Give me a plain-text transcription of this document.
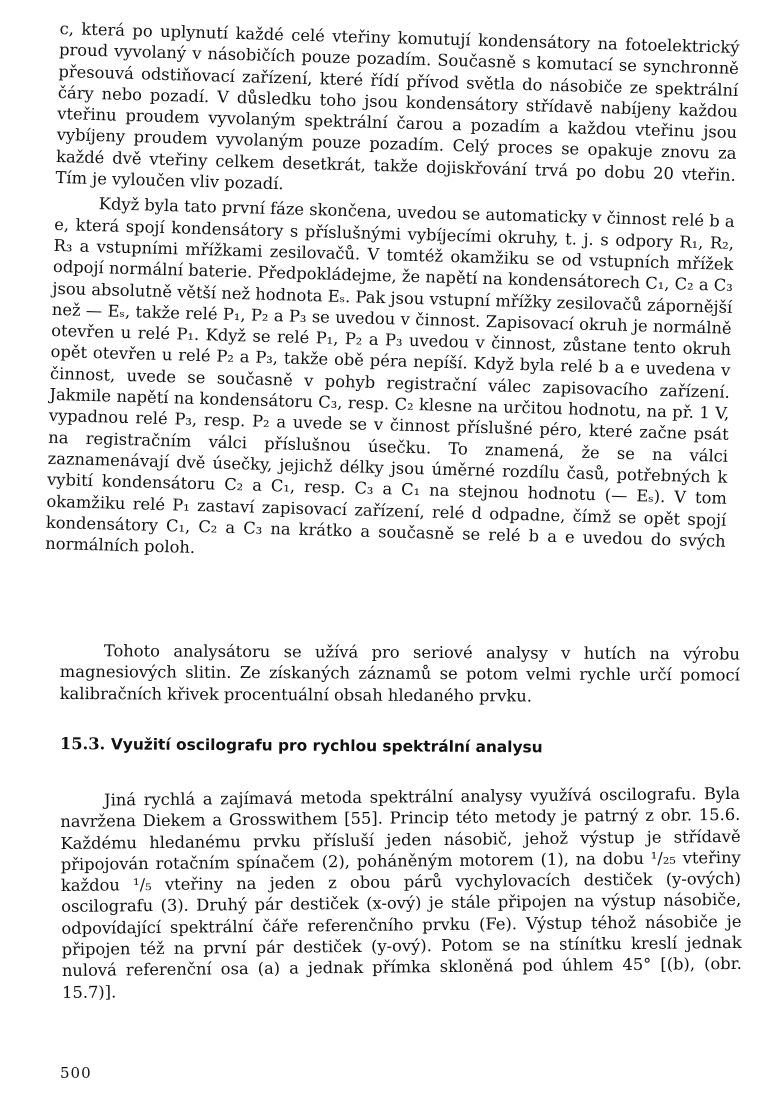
c, která po uplynutí každé celé vteřiny komutují kondensátory na fotoelektrický proud vyvolaný v násobičích pouze pozadím. Současně s komutací se synchronně přesouvá odstiňovací zařízení, které řídí přívod světla do násobiče ze spektrální čáry nebo pozadí. V důsledku toho jsou kondensátory střídavě nabíjeny každou vteřinu proudem vyvolaným spektrální čarou a pozadím a každou vteřinu jsou vybíjeny proudem vyvolaným pouze pozadím. Celý proces se opakuje znovu za každé dvě vteřiny celkem desetkrát, takže dojiskřování trvá po dobu 20 vteřin. Tím je vyloučen vliv pozadí.

Když byla tato první fáze skončena, uvedou se automaticky v činnost relé b a e, která spojí kondensátory s příslušnými vybíjecími okruhy, t. j. s odpory R₁, R₂, R₃ a vstupními mřížkami zesilovačů. V tomtéž okamžiku se od vstupních mřížek odpojí normální baterie. Předpokládejme, že napětí na kondensátorech C₁, C₂ a C₃ jsou absolutně větší než hodnota Eₛ. Pak jsou vstupní mřížky zesilovačů zápornější než — Eₛ, takže relé P₁, P₂ a P₃ se uvedou v činnost. Zapisovací okruh je normálně otevřen u relé P₁. Když se relé P₁, P₂ a P₃ uvedou v činnost, zůstane tento okruh opět otevřen u relé P₂ a P₃, takže obě péra nepíší. Když byla relé b a e uvedena v činnost, uvede se současně v pohyb registrační válec zapisovacího zařízení. Jakmile napětí na kondensátoru C₃, resp. C₂ klesne na určitou hodnotu, na př. 1 V, vypadnou relé P₃, resp. P₂ a uvede se v činnost příslušné péro, které začne psát na registračním válci příslušnou úsečku. To znamená, že se na válci zaznamenávají dvě úsečky, jejichž délky jsou úměrné rozdílu časů, potřebných k vybití kondensátoru C₂ a C₁, resp. C₃ a C₁ na stejnou hodnotu (— Eₛ). V tom okamžiku relé P₁ zastaví zapisovací zařízení, relé d odpadne, čímž se opět spojí kondensátory C₁, C₂ a C₃ na krátko a současně se relé b a e uvedou do svých normálních poloh.

Tohoto analysátoru se užívá pro seriové analysy v hutích na výrobu magnesiových slitin. Ze získaných záznamů se potom velmi rychle určí pomocí kalibračních křivek procentuální obsah hledaného prvku.

15.3. Využití oscilografu pro rychlou spektrální analysu

Jiná rychlá a zajímavá metoda spektrální analysy využívá oscilografu. Byla navržena Diekem a Grosswithem [55]. Princip této metody je patrný z obr. 15.6. Každému hledanému prvku přísluší jeden násobič, jehož výstup je střídavě připojován rotačním spínačem (2), poháněným motorem (1), na dobu ¹/₂₅ vteřiny každou ¹/₅ vteřiny na jeden z obou párů vychylovacích destiček (y-ových) oscilografu (3). Druhý pár destiček (x-ový) je stále připojen na výstup násobiče, odpovídající spektrální čáře referenčního prvku (Fe). Výstup téhož násobiče je připojen též na první pár destiček (y-ový). Potom se na stínítku kreslí jednak nulová referenční osa (a) a jednak přímka skloněná pod úhlem 45° [(b), (obr. 15.7)].

500
